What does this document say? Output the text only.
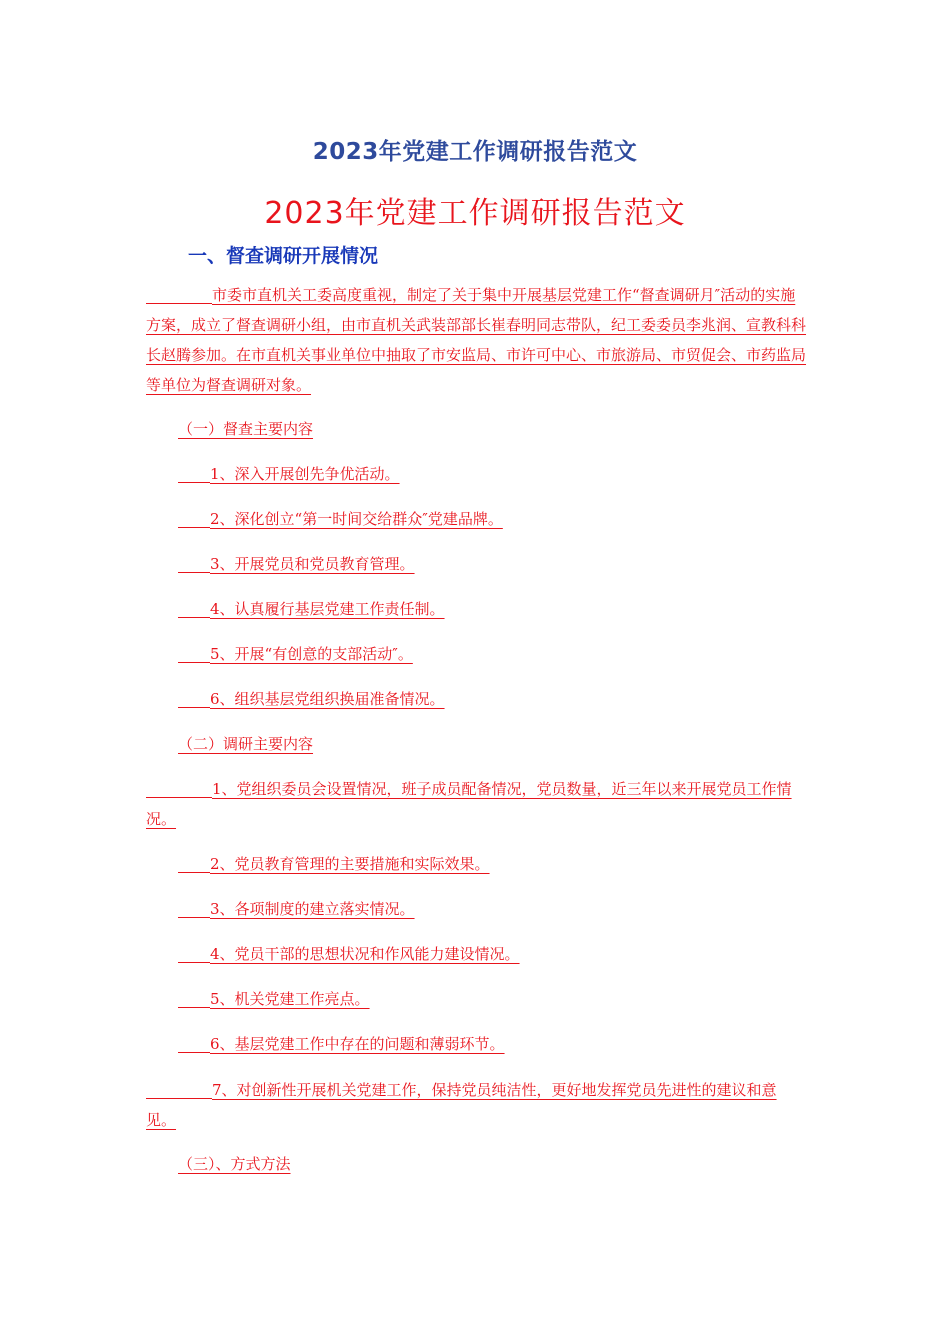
2023年党建工作调研报告范文
2023年党建工作调研报告范文
一、督查调研开展情况
市委市直机关工委高度重视，制定了关于集中开展基层党建工作“督查调研月″活动的实施方案，成立了督查调研小组，由市直机关武装部部长崔春明同志带队，纪工委委员李兆润、宣教科科长赵腾参加。在市直机关事业单位中抽取了市安监局、市许可中心、市旅游局、市贸促会、市药监局等单位为督查调研对象。
（一）督查主要内容
1、深入开展创先争优活动。
2、深化创立“第一时间交给群众″党建品牌。
3、开展党员和党员教育管理。
4、认真履行基层党建工作责任制。
5、开展“有创意的支部活动″。
6、组织基层党组织换届准备情况。
（二）调研主要内容
1、党组织委员会设置情况，班子成员配备情况，党员数量，近三年以来开展党员工作情况。
2、党员教育管理的主要措施和实际效果。
3、各项制度的建立落实情况。
4、党员干部的思想状况和作风能力建设情况。
5、机关党建工作亮点。
6、基层党建工作中存在的问题和薄弱环节。
7、对创新性开展机关党建工作，保持党员纯洁性，更好地发挥党员先进性的建议和意见。
（三）、方式方法
